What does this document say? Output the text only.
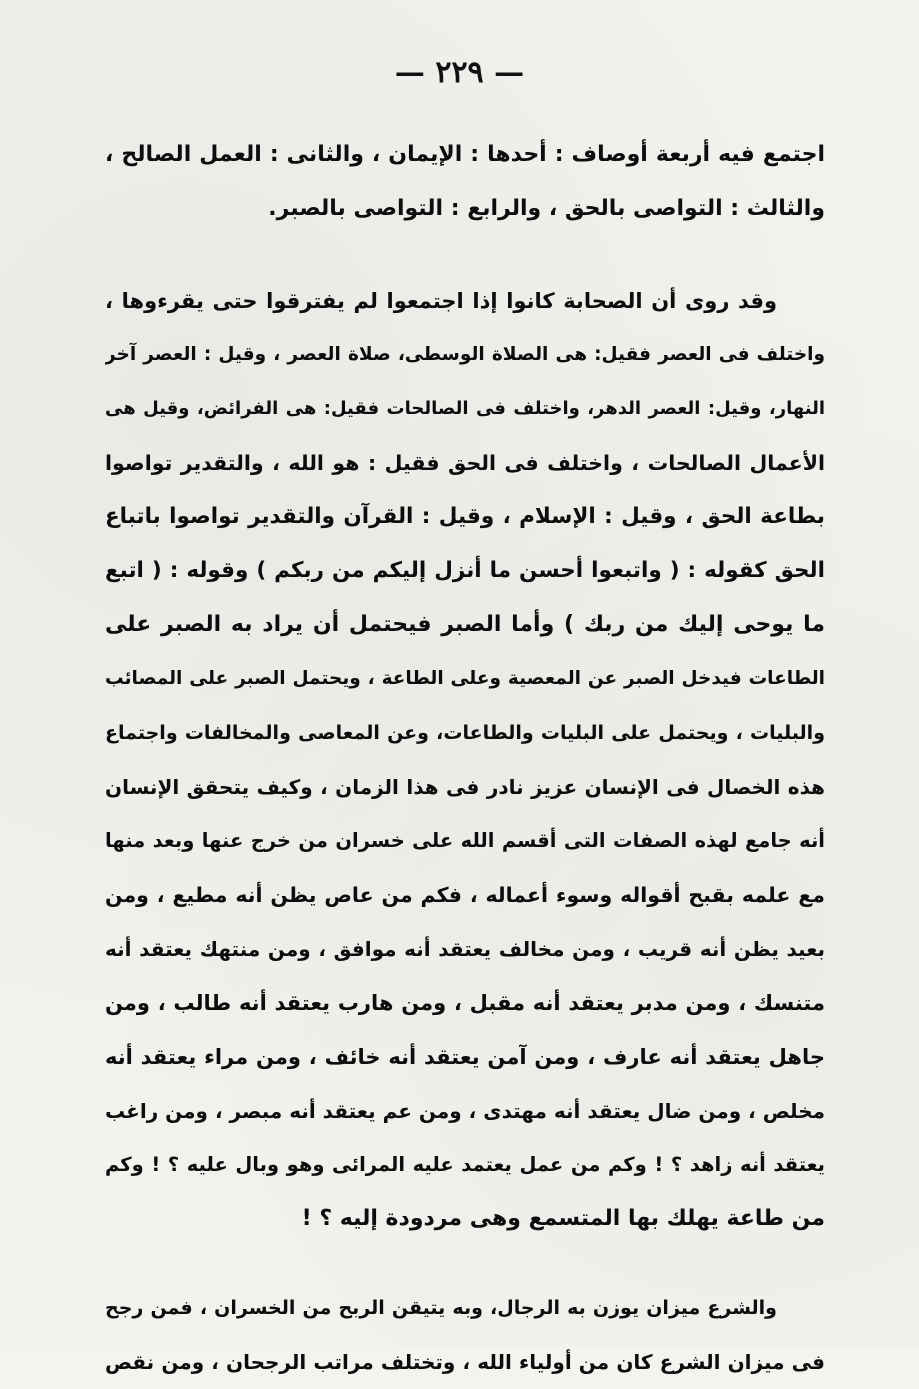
— ٢٢٩ —
اجتمع فيه أربعة أوصاف : أحدها : الإيمان ، والثانى : العمل الصالح ،
والثالث : التواصى بالحق ، والرابع : التواصى بالصبر.
وقد روى أن الصحابة كانوا إذا اجتمعوا لم يفترقوا حتى يقرءوها ،
واختلف فى العصر فقيل: هى الصلاة الوسطى، صلاة العصر ، وقيل : العصر آخر
النهار، وقيل: العصر الدهر، واختلف فى الصالحات فقيل: هى الفرائض، وقيل هى
الأعمال الصالحات ، واختلف فى الحق فقيل : هو الله ، والتقدير تواصوا
بطاعة الحق ، وقيل : الإسلام ، وقيل : القرآن والتقدير تواصوا باتباع
الحق كقوله : ( واتبعوا أحسن ما أنزل إليكم من ربكم ) وقوله : ( اتبع
ما يوحى إليك من ربك ) وأما الصبر فيحتمل أن يراد به الصبر على
الطاعات فيدخل الصبر عن المعصية وعلى الطاعة ، ويحتمل الصبر على المصائب
والبليات ، ويحتمل على البليات والطاعات، وعن المعاصى والمخالفات واجتماع
هذه الخصال فى الإنسان عزيز نادر فى هذا الزمان ، وكيف يتحقق الإنسان
أنه جامع لهذه الصفات التى أقسم الله على خسران من خرج عنها وبعد منها
مع علمه بقبح أقواله وسوء أعماله ، فكم من عاص يظن أنه مطيع ، ومن
بعيد يظن أنه قريب ، ومن مخالف يعتقد أنه موافق ، ومن منتهك يعتقد أنه
متنسك ، ومن مدبر يعتقد أنه مقبل ، ومن هارب يعتقد أنه طالب ، ومن
جاهل يعتقد أنه عارف ، ومن آمن يعتقد أنه خائف ، ومن مراء يعتقد أنه
مخلص ، ومن ضال يعتقد أنه مهتدى ، ومن عم يعتقد أنه مبصر ، ومن راغب
يعتقد أنه زاهد ؟ ! وكم من عمل يعتمد عليه المرائى وهو وبال عليه ؟ ! وكم
من طاعة يهلك بها المتسمع وهى مردودة إليه ؟ !
والشرع ميزان يوزن به الرجال، وبه يتيقن الربح من الخسران ، فمن رجح
فى ميزان الشرع كان من أولياء الله ، وتختلف مراتب الرجحان ، ومن نقص
